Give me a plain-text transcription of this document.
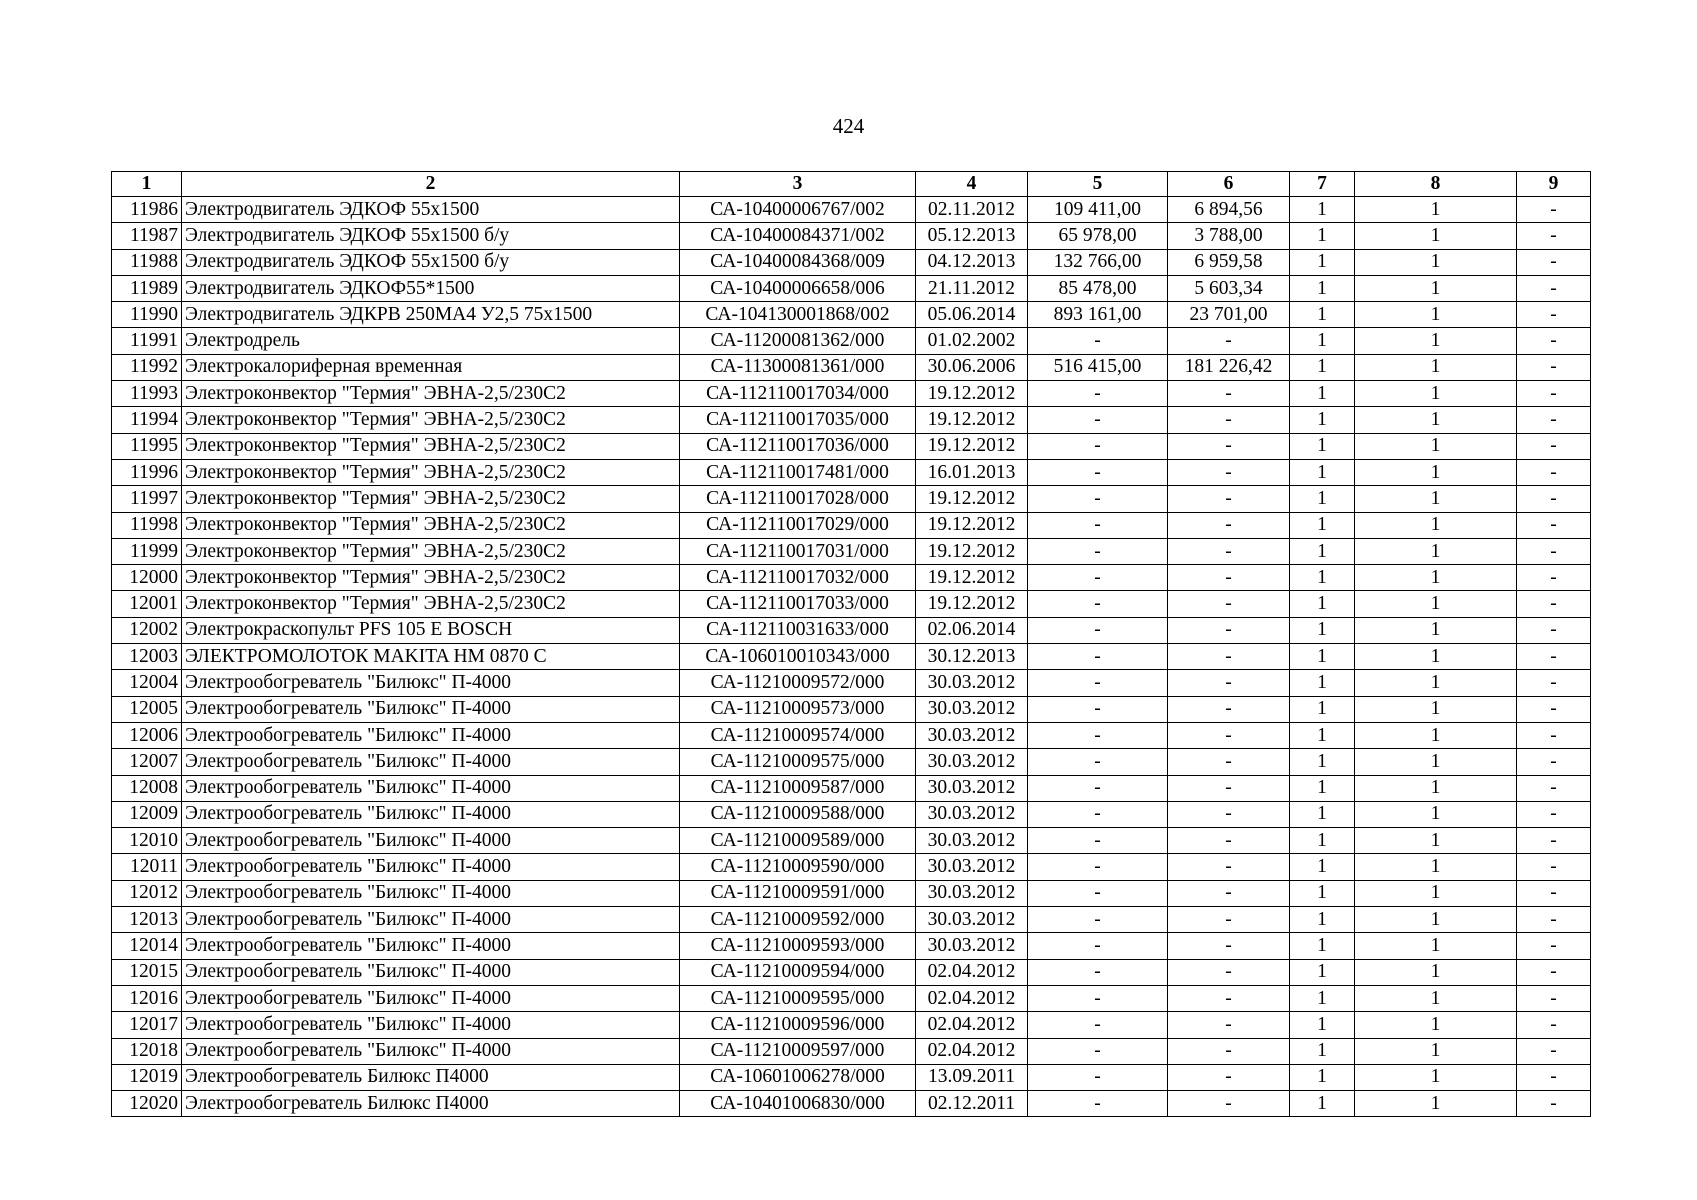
424
1	2	3	4	5	6	7	8	9
11986	Электродвигатель ЭДКОФ 55х1500	СА-10400006767/002	02.11.2012	109 411,00	6 894,56	1	1	-
11987	Электродвигатель ЭДКОФ 55х1500 б/у	СА-10400084371/002	05.12.2013	65 978,00	3 788,00	1	1	-
11988	Электродвигатель ЭДКОФ 55х1500 б/у	СА-10400084368/009	04.12.2013	132 766,00	6 959,58	1	1	-
11989	Электродвигатель ЭДКОФ55*1500	СА-10400006658/006	21.11.2012	85 478,00	5 603,34	1	1	-
11990	Электродвигатель ЭДКРВ 250МА4 У2,5 75х1500	СА-104130001868/002	05.06.2014	893 161,00	23 701,00	1	1	-
11991	Электродрель	СА-11200081362/000	01.02.2002	-	-	1	1	-
11992	Электрокалориферная временная	СА-11300081361/000	30.06.2006	516 415,00	181 226,42	1	1	-
11993	Электроконвектор "Термия" ЭВНА-2,5/230С2	СА-112110017034/000	19.12.2012	-	-	1	1	-
11994	Электроконвектор "Термия" ЭВНА-2,5/230С2	СА-112110017035/000	19.12.2012	-	-	1	1	-
11995	Электроконвектор "Термия" ЭВНА-2,5/230С2	СА-112110017036/000	19.12.2012	-	-	1	1	-
11996	Электроконвектор "Термия" ЭВНА-2,5/230С2	СА-112110017481/000	16.01.2013	-	-	1	1	-
11997	Электроконвектор "Термия" ЭВНА-2,5/230С2	СА-112110017028/000	19.12.2012	-	-	1	1	-
11998	Электроконвектор "Термия" ЭВНА-2,5/230С2	СА-112110017029/000	19.12.2012	-	-	1	1	-
11999	Электроконвектор "Термия" ЭВНА-2,5/230С2	СА-112110017031/000	19.12.2012	-	-	1	1	-
12000	Электроконвектор "Термия" ЭВНА-2,5/230С2	СА-112110017032/000	19.12.2012	-	-	1	1	-
12001	Электроконвектор "Термия" ЭВНА-2,5/230С2	СА-112110017033/000	19.12.2012	-	-	1	1	-
12002	Электрокраскопульт PFS 105 E BOSCH	СА-112110031633/000	02.06.2014	-	-	1	1	-
12003	ЭЛЕКТРОМОЛОТОК MAKITA HM 0870 C	СА-106010010343/000	30.12.2013	-	-	1	1	-
12004	Электрообогреватель "Билюкс" П-4000	СА-11210009572/000	30.03.2012	-	-	1	1	-
12005	Электрообогреватель "Билюкс" П-4000	СА-11210009573/000	30.03.2012	-	-	1	1	-
12006	Электрообогреватель "Билюкс" П-4000	СА-11210009574/000	30.03.2012	-	-	1	1	-
12007	Электрообогреватель "Билюкс" П-4000	СА-11210009575/000	30.03.2012	-	-	1	1	-
12008	Электрообогреватель "Билюкс" П-4000	СА-11210009587/000	30.03.2012	-	-	1	1	-
12009	Электрообогреватель "Билюкс" П-4000	СА-11210009588/000	30.03.2012	-	-	1	1	-
12010	Электрообогреватель "Билюкс" П-4000	СА-11210009589/000	30.03.2012	-	-	1	1	-
12011	Электрообогреватель "Билюкс" П-4000	СА-11210009590/000	30.03.2012	-	-	1	1	-
12012	Электрообогреватель "Билюкс" П-4000	СА-11210009591/000	30.03.2012	-	-	1	1	-
12013	Электрообогреватель "Билюкс" П-4000	СА-11210009592/000	30.03.2012	-	-	1	1	-
12014	Электрообогреватель "Билюкс" П-4000	СА-11210009593/000	30.03.2012	-	-	1	1	-
12015	Электрообогреватель "Билюкс" П-4000	СА-11210009594/000	02.04.2012	-	-	1	1	-
12016	Электрообогреватель "Билюкс" П-4000	СА-11210009595/000	02.04.2012	-	-	1	1	-
12017	Электрообогреватель "Билюкс" П-4000	СА-11210009596/000	02.04.2012	-	-	1	1	-
12018	Электрообогреватель "Билюкс" П-4000	СА-11210009597/000	02.04.2012	-	-	1	1	-
12019	Электрообогреватель Билюкс П4000	СА-10601006278/000	13.09.2011	-	-	1	1	-
12020	Электрообогреватель Билюкс П4000	СА-10401006830/000	02.12.2011	-	-	1	1	-
